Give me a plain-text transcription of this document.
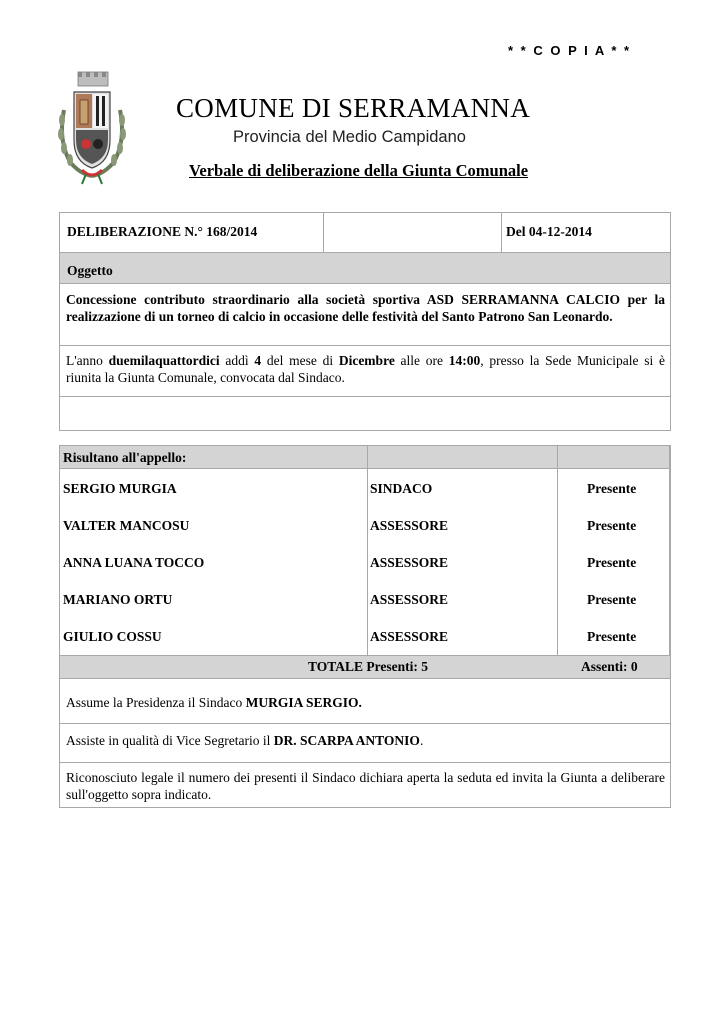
* * C O P I A * *
COMUNE DI SERRAMANNA
Provincia del Medio Campidano
Verbale di deliberazione della Giunta Comunale
DELIBERAZIONE N.° 168/2014	Del 04-12-2014
Oggetto
Concessione contributo straordinario alla società sportiva ASD SERRAMANNA CALCIO per la realizzazione di un torneo di calcio in occasione delle festività del Santo Patrono San Leonardo.
L'anno duemilaquattordici addì 4 del mese di Dicembre alle ore 14:00, presso la Sede Municipale si è riunita la Giunta Comunale, convocata dal Sindaco.
Risultano all'appello:
SERGIO MURGIA	SINDACO	Presente
VALTER MANCOSU	ASSESSORE	Presente
ANNA LUANA TOCCO	ASSESSORE	Presente
MARIANO ORTU	ASSESSORE	Presente
GIULIO COSSU	ASSESSORE	Presente
TOTALE Presenti: 5	Assenti: 0
Assume la Presidenza il Sindaco MURGIA SERGIO.
Assiste in qualità di Vice Segretario il DR. SCARPA ANTONIO.
Riconosciuto legale il numero dei presenti il Sindaco dichiara aperta la seduta ed invita la Giunta a deliberare sull'oggetto sopra indicato.
